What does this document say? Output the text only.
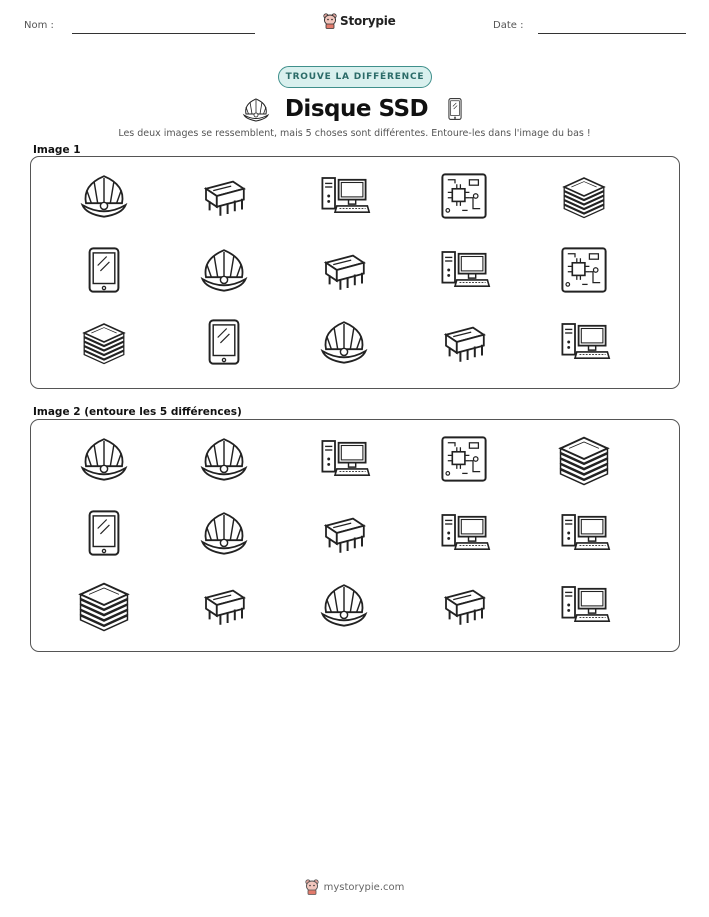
Nom :	Storypie	Date :
TROUVE LA DIFFÉRENCE
Disque SSD
Les deux images se ressemblent, mais 5 choses sont différentes. Entoure-les dans l'image du bas !
Image 1
Image 2 (entoure les 5 différences)
mystorypie.com
